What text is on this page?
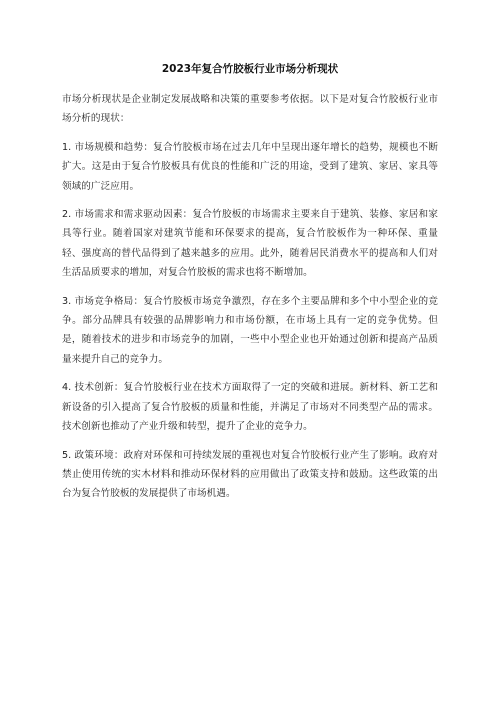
2023年复合竹胶板行业市场分析现状

市场分析现状是企业制定发展战略和决策的重要参考依据。以下是对复合竹胶板行业市场分析的现状：

1. 市场规模和趋势：复合竹胶板市场在过去几年中呈现出逐年增长的趋势，规模也不断扩大。这是由于复合竹胶板具有优良的性能和广泛的用途，受到了建筑、家居、家具等领域的广泛应用。

2. 市场需求和需求驱动因素：复合竹胶板的市场需求主要来自于建筑、装修、家居和家具等行业。随着国家对建筑节能和环保要求的提高，复合竹胶板作为一种环保、重量轻、强度高的替代品得到了越来越多的应用。此外，随着居民消费水平的提高和人们对生活品质要求的增加，对复合竹胶板的需求也将不断增加。

3. 市场竞争格局：复合竹胶板市场竞争激烈，存在多个主要品牌和多个中小型企业的竞争。部分品牌具有较强的品牌影响力和市场份额，在市场上具有一定的竞争优势。但是，随着技术的进步和市场竞争的加剧，一些中小型企业也开始通过创新和提高产品质量来提升自己的竞争力。

4. 技术创新：复合竹胶板行业在技术方面取得了一定的突破和进展。新材料、新工艺和新设备的引入提高了复合竹胶板的质量和性能，并满足了市场对不同类型产品的需求。技术创新也推动了产业升级和转型，提升了企业的竞争力。

5. 政策环境：政府对环保和可持续发展的重视也对复合竹胶板行业产生了影响。政府对禁止使用传统的实木材料和推动环保材料的应用做出了政策支持和鼓励。这些政策的出台为复合竹胶板的发展提供了市场机遇。
